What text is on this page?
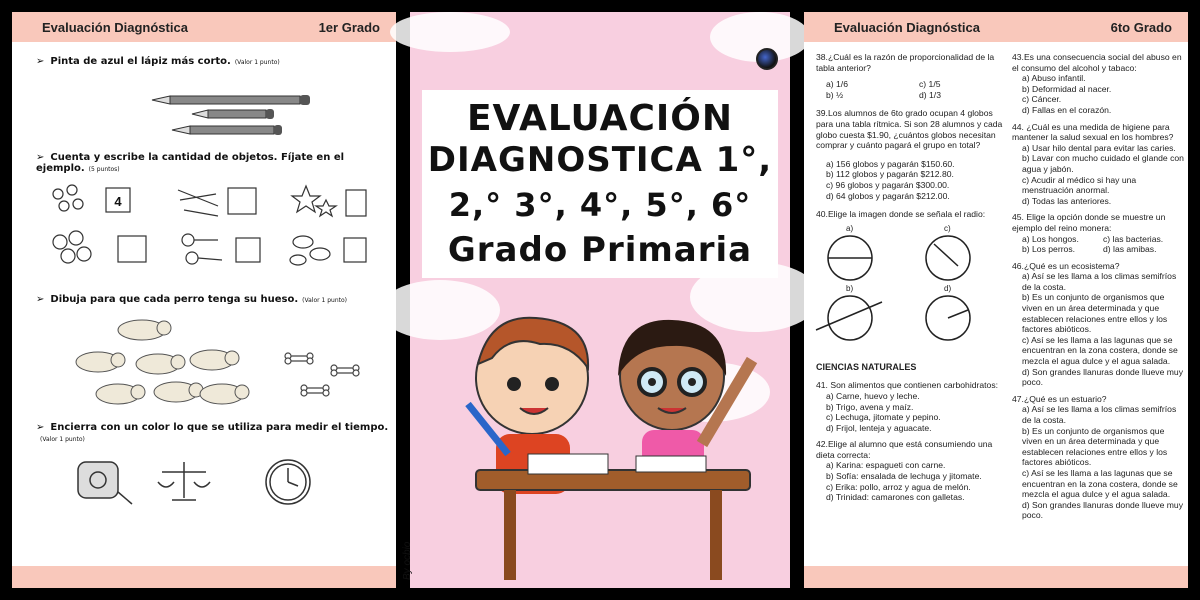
Evaluación Diagnóstica	1er Grado
➢ Pinta de azul el lápiz más corto. (Valor 1 punto)
➢ Cuenta y escribe la cantidad de objetos. Fíjate en el ejemplo. (5 puntos)
4
➢ Dibuja para que cada perro tenga su hueso. (Valor 1 punto)
➢ Encierra con un color lo que se utiliza para medir el tiempo.(Valor 1 punto)
EVALUACIÓN
DIAGNOSTICA 1°,
2,° 3°, 4°, 5°, 6°
Grado Primaria
By ocbio
Evaluación Diagnóstica	6to Grado
38.¿Cuál es la razón de proporcionalidad de la tabla anterior?
a) 1/6	c) 1/5
b) ½	d) 1/3
39.Los alumnos de 6to grado ocupan 4 globos para una tabla rítmica. Si son 28 alumnos y cada globo cuesta $1.90, ¿cuántos globos necesitan comprar y cuánto pagará el grupo en total?
a) 156 globos y pagarán $150.60.
b) 112 globos y pagarán $212.80.
c) 96 globos y pagarán $300.00.
d) 64 globos y pagarán $212.00.
40.Elige la imagen donde se señala el radio:
a)	c)
b)	d)
CIENCIAS NATURALES
41. Son alimentos que contienen carbohidratos:
a) Carne, huevo y leche.
b) Trigo, avena y maíz.
c) Lechuga, jitomate y pepino.
d) Frijol, lenteja y aguacate.
42.Elige al alumno que está consumiendo una dieta correcta:
a) Karina: espagueti con carne.
b) Sofía: ensalada de lechuga y jitomate.
c) Erika: pollo, arroz y agua de melón.
d) Trinidad: camarones con galletas.
43.Es una consecuencia social del abuso en el consumo del alcohol y tabaco:
a) Abuso infantil.
b) Deformidad al nacer.
c) Cáncer.
d) Fallas en el corazón.
44. ¿Cuál es una medida de higiene para mantener la salud sexual en los hombres?
a) Usar hilo dental para evitar las caries.
b) Lavar con mucho cuidado el glande con agua y jabón.
c) Acudir al médico si hay una menstruación anormal.
d) Todas las anteriores.
45. Elige la opción donde se muestre un ejemplo del reino monera:
a) Los hongos.	c) las bacterias.
b) Los perros.	d) las amibas.
46.¿Qué es un ecosistema?
a) Así se les llama a los climas semifríos de la costa.
b) Es un conjunto de organismos que viven en un área determinada y que establecen relaciones entre ellos y los factores abióticos.
c) Así se les llama a las lagunas que se encuentran en la zona costera, donde se mezcla el agua dulce y el agua salada.
d) Son grandes llanuras donde llueve muy poco.
47.¿Qué es un estuario?
a) Así se les llama a los climas semifríos de la costa.
b) Es un conjunto de organismos que viven en un área determinada y que establecen relaciones entre ellos y los factores abióticos.
c) Así se les llama a las lagunas que se encuentran en la zona costera, donde se mezcla el agua dulce y el agua salada.
d) Son grandes llanuras donde llueve muy poco.
